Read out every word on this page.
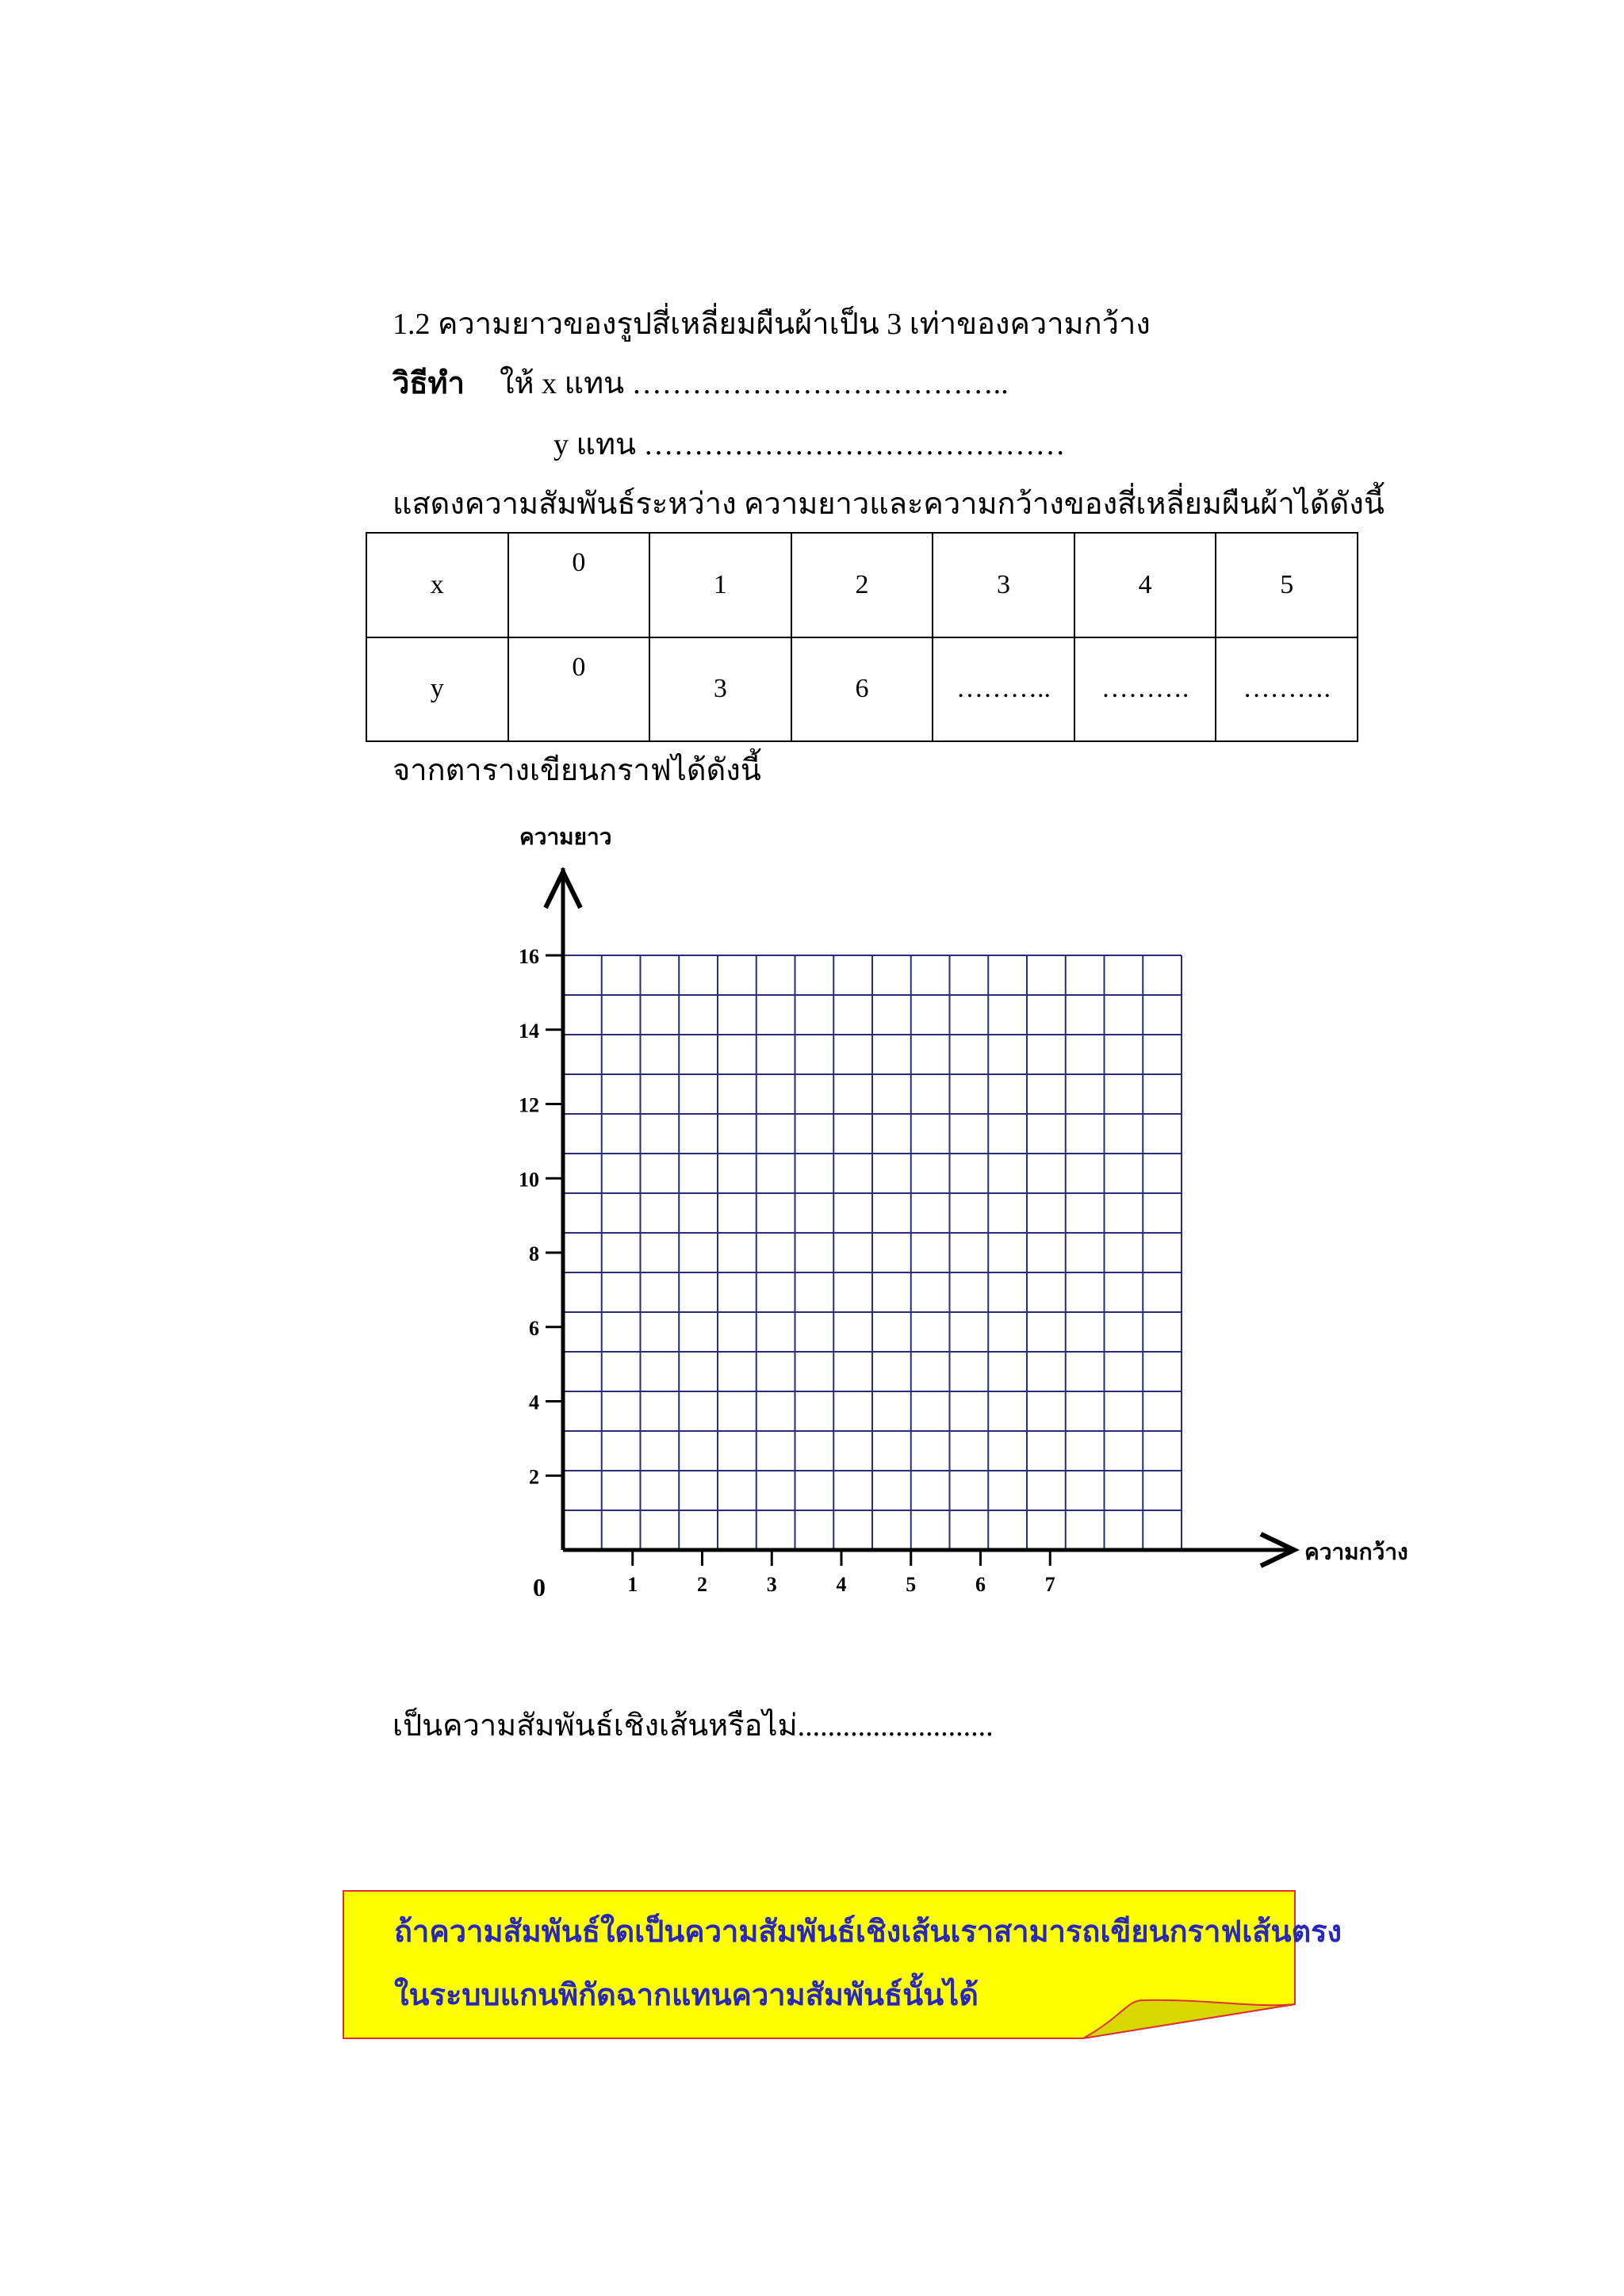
1.2 ความยาวของรูปสี่เหลี่ยมผืนผ้าเป็น 3 เท่าของความกว้าง
วิธีทำ ให้ x แทน ………………………………..
y แทน ……………………………………
แสดงความสัมพันธ์ระหว่าง ความยาวและความกว้างของสี่เหลี่ยมผืนผ้าได้ดังนี้
x	0	1	2	3	4	5
y	0	3	6	………..	……….	……….
จากตารางเขียนกราฟได้ดังนี้
2
4
6
8
10
12
14
16
1	2	3	4	5	6	7
0
ความยาว
ความกว้าง
เป็นความสัมพันธ์เชิงเส้นหรือไม่..........................
ถ้าความสัมพันธ์ใดเป็นความสัมพันธ์เชิงเส้นเราสามารถเขียนกราฟเส้นตรง
ในระบบแกนพิกัดฉากแทนความสัมพันธ์นั้นได้
